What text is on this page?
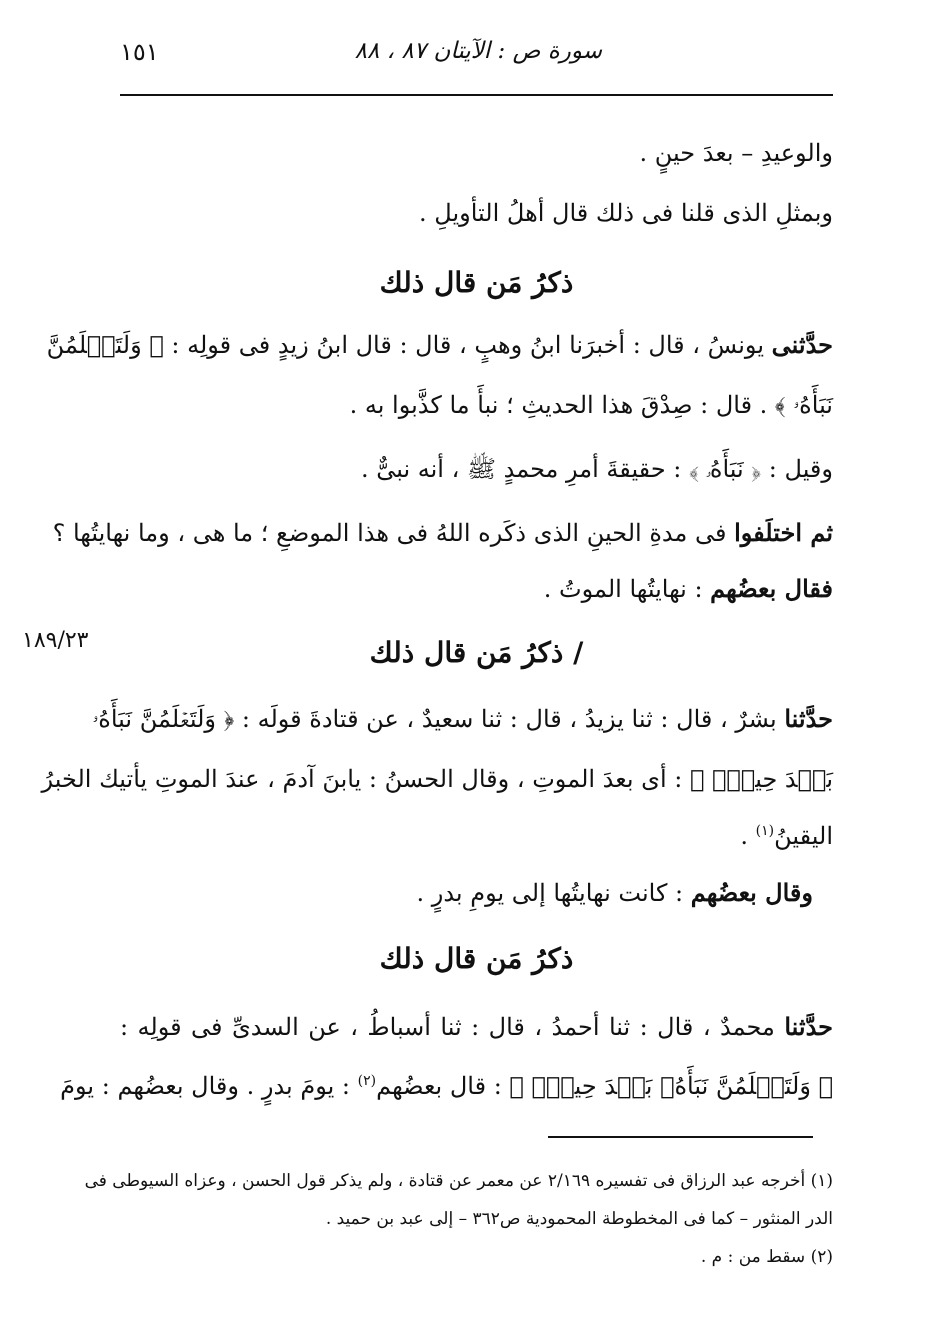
١٥١	سورة ص : الآيتان ٨٧ ، ٨٨
١٨٩/٢٣
والوعيدِ – بعدَ حينٍ .
وبمثلِ الذى قلنا فى ذلك قال أهلُ التأويلِ .
ذكرُ مَن قال ذلك
حدَّثنى يونسُ ، قال : أخبرَنا ابنُ وهبٍ ، قال : قال ابنُ زيدٍ فى قولِه : ﴿ وَلَتَعۡلَمُنَّ
نَبَأَهُۥ ﴾ . قال : صِدْقَ هذا الحديثِ ؛ نبأَ ما كذَّبوا به .
وقيل : ﴿ نَبَأَهُۥ ﴾ : حقيقةَ أمرِ محمدٍ ﷺ ، أنه نبىٌّ .
ثم اختلَفوا فى مدةِ الحينِ الذى ذكَره اللهُ فى هذا الموضعِ ؛ ما هى ، وما نهايتُها ؟
فقال بعضُهم : نهايتُها الموتُ .
/ ذكرُ مَن قال ذلك
حدَّثنا بشرٌ ، قال : ثنا يزيدُ ، قال : ثنا سعيدٌ ، عن قتادةَ قولَه : ﴿ وَلَتَعۡلَمُنَّ نَبَأَهُۥ
بَعۡدَ حِينِۭ ﴾ : أى بعدَ الموتِ ، وقال الحسنُ : يابنَ آدمَ ، عندَ الموتِ يأتيك الخبرُ
اليقينُ$^{(١)}$ .
وقال بعضُهم : كانت نهايتُها إلى يومِ بدرٍ .
ذكرُ مَن قال ذلك
حدَّثنا محمدٌ ، قال : ثنا أحمدُ ، قال : ثنا أسباطُ ، عن السدىِّ فى قولِه :
﴿ وَلَتَعۡلَمُنَّ نَبَأَهُۥ بَعۡدَ حِينِۭ ﴾ : قال بعضُهم$^{(٢)}$ : يومَ بدرٍ . وقال بعضُهم : يومَ
(١) أخرجه عبد الرزاق فى تفسيره ٢/١٦٩ عن معمر عن قتادة ، ولم يذكر قول الحسن ، وعزاه السيوطى فى
الدر المنثور – كما فى المخطوطة المحمودية ص٣٦٢ – إلى عبد بن حميد .
(٢) سقط من : م .
